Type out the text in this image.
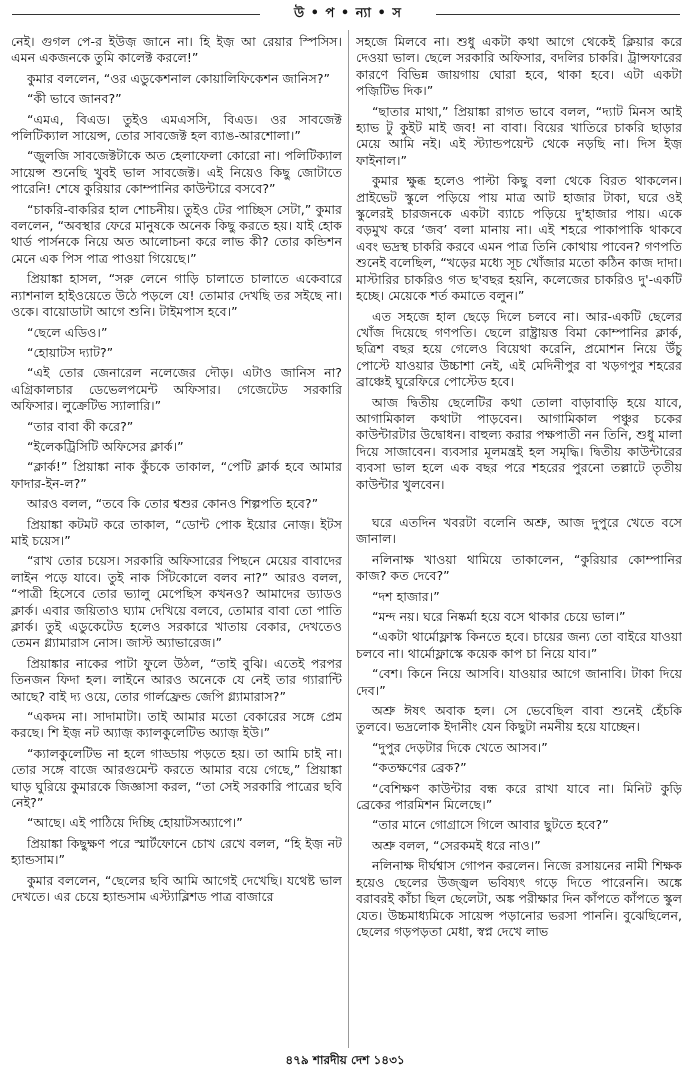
উ • প • ন্যা • স

নেই। গুগল পে-র ইউজ় জানে না। হি ইজ় আ রেয়ার স্পিসিস। এমন একজনকে তুমি কালেক্ট করলে!”

কুমার বললেন, “ওর এডুকেশনাল কোয়ালিফিকেশন জানিস?”

“কী ভাবে জানব?”

“এমএ, বিএড। তুইও এমএসসি, বিএড। ওর সাবজেক্ট পলিটিক্যাল সায়েন্স, তোর সাবজেক্ট হল ব্যাঙ-আরশোলা।”

“জ়ুলজি সাবজেক্টটাকে অত হেলাফেলা কোরো না। পলিটিক্যাল সায়েন্স শুনেছি খুবই ভাল সাবজেক্ট। এই নিয়েও কিছু জোটাতে পারেনি! শেষে কুরিয়ার কোম্পানির কাউন্টারে বসবে?”

“চাকরি-বাকরির হাল শোচনীয়। তুইও টের পাচ্ছিস সেটা,” কুমার বললেন, “অবস্থার ফেরে মানুষকে অনেক কিছু করতে হয়। যাই হোক থার্ড পার্সনকে নিয়ে অত আলোচনা করে লাভ কী? তোর কন্ডিশন মেনে এক পিস পাত্র পাওয়া গিয়েছে।”

প্রিয়াঙ্কা হাসল, “সরু লেনে গাড়ি চালাতে চালাতে একেবারে ন্যাশনাল হাইওয়েতে উঠে পড়লে যে! তোমার দেখছি তর সইছে না। ওকে। বায়োডাটা আগে শুনি। টাইমপাস হবে।”

“ছেলে এডিও।”

“হোয়াটস দ্যাট?”

“এই তোর জেনারেল নলেজের দৌড়। এটাও জানিস না? এগ্রিকালচার ডেভেলপমেন্ট অফিসার। গেজেটেড সরকারি অফিসার। লুক্রেটিভ স্যালারি।”

“তার বাবা কী করে?”

“ইলেকট্রিসিটি অফিসের ক্লার্ক।”

“ক্লার্ক!” প্রিয়াঙ্কা নাক কুঁচকে তাকাল, “পেটি ক্লার্ক হবে আমার ফাদার-ইন-ল?”

আরও বলল, “তবে কি তোর শ্বশুর কোনও শিল্পপতি হবে?”

প্রিয়াঙ্কা কটমট করে তাকাল, “ডোন্ট পোক ইয়োর নোজ়। ইটস মাই চয়েস।”

“রাখ তোর চয়েস। সরকারি অফিসারের পিছনে মেয়ের বাবাদের লাইন পড়ে যাবে। তুই নাক সিঁটকোলে বলব না?” আরও বলল, “পাত্রী হিসেবে তোর ভ্যালু মেপেছিস কখনও? আমাদের ড্যাডও ক্লার্ক। এবার জয়িতাও ঘ্যাম দেখিয়ে বলবে, তোমার বাবা তো পাতি ক্লার্ক। তুই এডুকেটেড হলেও সরকারে খাতায় বেকার, দেখতেও তেমন গ্ল্যামারাস নোস। জাস্ট অ্যাভারেজ।”

প্রিয়াঙ্কার নাকের পাটা ফুলে উঠল, “তাই বুঝি। এতেই পরপর তিনজন ফিদা হল। লাইনে আরও অনেকে যে নেই তার গ্যারান্টি আছে? বাই দ্য ওয়ে, তোর গার্লফ্রেন্ড জেপি গ্ল্যামারাস?”

“একদম না। সাদামাটা। তাই আমার মতো বেকারের সঙ্গে প্রেম করছে। শি ইজ় নট অ্যাজ় ক্যালকুলেটিভ অ্যাজ় ইউ।”

“ক্যালকুলেটিভ না হলে গাড্ডায় পড়তে হয়। তা আমি চাই না। তোর সঙ্গে বাজে আরগুমেন্ট করতে আমার বয়ে গেছে,” প্রিয়াঙ্কা ঘাড় ঘুরিয়ে কুমারকে জিজ্ঞাসা করল, “তা সেই সরকারি পাত্রের ছবি নেই?”

“আছে। এই পাঠিয়ে দিচ্ছি হোয়াটসঅ্যাপে।”

প্রিয়াঙ্কা কিছুক্ষণ পরে স্মার্টফোনে চোখ রেখে বলল, “হি ইজ় নট হ্যান্ডসাম।”

কুমার বললেন, “ছেলের ছবি আমি আগেই দেখেছি। যথেষ্ট ভাল দেখতে। এর চেয়ে হ্যান্ডসাম এস্ট্যাব্লিশড পাত্র বাজারে

সহজে মিলবে না। শুধু একটা কথা আগে থেকেই ক্লিয়ার করে দেওয়া ভাল। ছেলে সরকারি অফিসার, বদলির চাকরি। ট্রান্সফারের কারণে বিভিন্ন জায়গায় ঘোরা হবে, থাকা হবে। এটা একটা পজ়িটিভ দিক।”

“ছাতার মাথা,” প্রিয়াঙ্কা রাগত ভাবে বলল, “দ্যাট মিনস আই হ্যাভ টু কুইট মাই জব! না বাবা। বিয়ের খাতিরে চাকরি ছাড়ার মেয়ে আমি নই। এই স্ট্যান্ডপয়েন্ট থেকে নড়ছি না। দিস ইজ় ফাইনাল।”

কুমার ক্ষুব্ধ হলেও পাল্টা কিছু বলা থেকে বিরত থাকলেন। প্রাইভেট স্কুলে পড়িয়ে পায় মাত্র আট হাজার টাকা, ঘরে ওই স্কুলেরই চারজনকে একটা ব্যাচে পড়িয়ে দু'হাজার পায়। একে বড়মুখ করে ‘জব’ বলা মানায় না। এই শহরে পাকাপাকি থাকবে এবং ভদ্রস্থ চাকরি করবে এমন পাত্র তিনি কোথায় পাবেন? গণপতি শুনেই বলেছিল, “খড়ের মধ্যে সূচ খোঁজার মতো কঠিন কাজ দাদা। মাস্টারির চাকরিও গত ছ'বছর হয়নি, কলেজের চাকরিও দু'-একটি হচ্ছে। মেয়েকে শর্ত কমাতে বলুন।”

এত সহজে হাল ছেড়ে দিলে চলবে না। আর-একটি ছেলের খোঁজ দিয়েছে গণপতি। ছেলে রাষ্ট্রায়ত্ত বিমা কোম্পানির ক্লার্ক, ছত্রিশ বছর হয়ে গেলেও বিয়েথা করেনি, প্রমোশন নিয়ে উঁচু পোস্টে যাওয়ার উচ্চাশা নেই, এই মেদিনীপুর বা খড়গপুর শহরের ব্রাঞ্চেই ঘুরেফিরে পোস্টেড হবে।

আজ দ্বিতীয় ছেলেটির কথা তোলা বাড়াবাড়ি হয়ে যাবে, আগামিকাল কথাটা পাড়বেন। আগামিকাল পঞ্চুর চকের কাউন্টারটার উদ্বোধন। বাহুল্য করার পক্ষপাতী নন তিনি, শুধু মালা দিয়ে সাজাবেন। ব্যবসার মূলমন্ত্রই হল সমৃদ্ধি। দ্বিতীয় কাউন্টারের ব্যবসা ভাল হলে এক বছর পরে শহরের পুরনো তল্লাটে তৃতীয় কাউন্টার খুলবেন।

ঘরে এতদিন খবরটা বলেনি অশ্রু, আজ দুপুরে খেতে বসে জানাল।

নলিনাক্ষ খাওয়া থামিয়ে তাকালেন, “কুরিয়ার কোম্পানির কাজ? কত দেবে?”

“দশ হাজার।”

“মন্দ নয়। ঘরে নিষ্কর্মা হয়ে বসে থাকার চেয়ে ভাল।”

“একটা থার্মোফ্লাস্ক কিনতে হবে। চায়ের জন্য তো বাইরে যাওয়া চলবে না। থার্মোফ্লাস্কে কয়েক কাপ চা নিয়ে যাব।”

“বেশ। কিনে নিয়ে আসবি। যাওয়ার আগে জানাবি। টাকা দিয়ে দেব।”

অশ্রু ঈষৎ অবাক হল। সে ভেবেছিল বাবা শুনেই হেঁচকি তুলবে। ভদ্রলোক ইদানীং যেন কিছুটা নমনীয় হয়ে যাচ্ছেন।

“দুপুর দেড়টার দিকে খেতে আসব।”

“কতক্ষণের ব্রেক?”

“বেশিক্ষণ কাউন্টার বন্ধ করে রাখা যাবে না। মিনিট কুড়ি ব্রেকের পারমিশন মিলেছে।”

“তার মানে গোগ্রাসে গিলে আবার ছুটতে হবে?”

অশ্রু বলল, “সেরকমই ধরে নাও।”

নলিনাক্ষ দীর্ঘশ্বাস গোপন করলেন। নিজে রসায়নের নামী শিক্ষক হয়েও ছেলের উজ্জ্বল ভবিষ্যৎ গড়ে দিতে পারেননি। অঙ্কে বরাবরই কাঁচা ছিল ছেলেটা, অঙ্ক পরীক্ষার দিন কাঁপতে কাঁপতে স্কুল যেত। উচ্চমাধ্যমিকে সায়েন্স পড়ানোর ভরসা পাননি। বুঝেছিলেন, ছেলের গড়পড়তা মেধা, স্বপ্ন দেখে লাভ

৪৭৯ শারদীয় দেশ ১৪৩১
